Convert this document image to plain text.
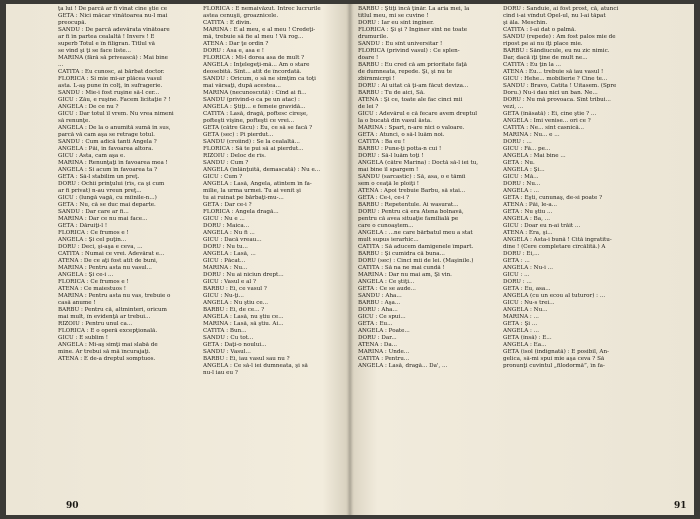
ţa lui ! De parcă ar fi vînat cine ştie ce
GETA : Nici măcar vînătoarea nu-l mai
preocupă.
SANDU : De parcă adevărata vînătoare
ar fi în partea cealaltă ! Invers ! E
superb Totul e în filigran. Titlul vă
se vînd şi ţi se face liste...
MARINA (fără să privească) : Mai bine
...
CATITA : Eu cunosc, ai bărbat doctor.
FLORICA : Si mie mi-ar plăcea vasul
asta. L-aş pune în colţ, în sufragerie.
SANDU : Mie-i fost ruşine să-l cer...
GICU : Zău, e ruşine. Facem licitaţie ? !
ANGELA : De ce nu ?
GICU : Dar totul îl vrem. Nu vrea nimeni
să renunţe.
ANGELA : De la o anumită sumă în sus,
parcă vă cam aşa se retrage totul.
SANDU : Cum adică tanti Angela ?
ANGELA : Păi, în favoarea altora.
GICU : Asta, cam aşa e.
MARINA : Renunţaţi în favoarea mea !
ANGELA : Si acum în favoarea ta ?
GETA : Să-l stabilim un preţ.
DORU : Ochii prinţului (rîs, ca şi cum
ar fi privat) n-au vreun preţ...
GICU : (lungă vagă, cu mîinile-n...)
GETA : Nu, că se duc mai departe.
SANDU : Dar care ar fi...
MARINA : Dar ce nu mai face...
GETA : Dăruiţi-l !
FLORICA : Ce frumos e !
ANGELA : Şi cel puţin...
DORU : Deci, şi-aşa e ceva, ...
CATITA : Numai ce vrei. Adevărat e...
ATENA : De ce aţi fost atît de buni,
MARINA : Pentru asta nu vasul...
ANGELA : Şi ce-i ...
FLORICA : Ce frumos e !
ATENA : Ce maiestuos !
MARINA : Pentru asta nu vas, trebuie o
casă anume !
BARBU : Pentru că, altminteri, oricum
mai mult, în evidenţă ar trebui...
RIZOIU : Pentru unul ca...
FLORICA : E o operă excepţională.
GICU : E sublim !
ANGELA : Mi-aş simţi mai slabă de
mine. Ar trebui să mă încurajaţi.
ATENA : E de-a dreptul somptuos.
FLORICA : E nemaivăzut. Întrec lucrurile
astea cenuşii, groaznicele.
CATITA : E divin.
MARINA : E al meu, e al meu ! Credeţi-
mă, trebuie să fie al meu ! Vă rog...
ATENA : Dar ţe ordin ?
DORU : Asa e, asa e !
FLORICA : Mi-l dorea asa de mult ?
ANGELA : Înţelegeţi-mă... Am o stare
deosebită. Sînt... atît de încordată.
SANDU : Oricum, o să ne simţim ca toţi
mai vărsaţi, după acestea...
MARINA (necunoscută) : Cînd ai fi...
SANDU (privind-o ca pe un atac) :
ANGELA : Ştiţi... e femeie gravidă...
CATITA : Lasă, dragă, poftesc cireşe,
pofteşti vişine, pofteşti ce vrei...
GETA (către Gicu) : Eu, ce să se facă ?
GETA (sec) : Pi pierdut...
SANDU (croiind) : Se la cealaltă...
FLORICA : Să te pui să ai pierdut...
RIZOIU : Deloc de rîs.
SANDU : Cum ?
ANGELA (înlănţuită, demascată) : Nu e...
GICU : Cum ?
ANGELA : Lasă, Angela, atîntem în fa-
milie, la urma urmei. Tu ai venit şi
tu ai ruinat pe bărbaţi-mu-...
GETA : Dar ce-i ?
FLORICA : Angela dragă...
GICU : Nu e ...
DORU : Maica...
ANGELA : Nu fi ...
GICU : Dacă vreau...
DORU : Nu tu...
ANGELA : Lasă, ...
GICU : Păcat...
MARINA : Nu...
DORU : Nu ai niciun drept...
GICU : Vasul e al ?
BARBU : Ei, ce vasul ?
GICU : Nu-ţi...
ANGELA : Nu ştiu ce...
BARBU : Ei, de ce... ?
ANGELA : Lasă, nu ştiu ce...
MARINA : Lasă, să ştiu. Ai...
CATITA : Bun...
SANDU : Cu tot...
GETA : Daţi-o noului...
SANDU : Vasul...
BARBU : Ei, iau vasul sau nu ?
ANGELA : Ce să-l iei dumneata, şi să
nu-l iau eu ?
BARBU : Ştiţi încă ţinăr. La aria mei, la
titlul meu, mi se cuvine !
DORU : Iar eu sînt inginer.
FLORICA : Şi şi ? Inginer sînt ne toate
drumurile.
SANDU : Eu sînt universitar !
FLORICA (privind vasul) : Ce splen-
doare !
BARBU : Eu cred că am prioritate faţă
de dumneata, repede. Şi, şi nu te
zbîrnmicrgi !
DORU : Ai uitat că ţi-am făcut deviza...
BARBU : Tu de aici, Să.
ATENA : Şi ce, toate ale fac cinci mii
de lei ?
GICU : Adevărul e că fecare avem dreptul
la o bucată din vasul ăsta.
MARINA : Spart, n-are nici o valoare.
GETA : Atunci, o să-l luăm noi.
CATITA : Ba eu !
BARBU : Pune-ţi potta-n cui !
DORU : Să-l luăm toţi !
ANGELA (către Marina) : Doctă să-l iei tu,
mai bine îl spargem !
SANDU (sarcastic) : Să, asa, o e tămîi
sem o ceaţă le ploiţi !
ATENA : Apoi trebuie Barbu, să stai...
GETA : Ce-i, ce-i ?
BARBU : Repetentule. Ai wasurat...
DORU : Pentru că era Atena bolnavă,
pentru că avea situaţie familială pe
care o cunoaştem...
ANGELA : ...ne care bărbatul meu a stat
mult supus ierarhic...
CATITA : Să aducem damigenele împart.
BARBU : Şi cumidra că buna...
DORU (sec) : Cinci mii de lei. (Maşinile.)
CATITA : Să na ne mai cundă !
MARINA : Dar nu mai am, Şi vin.
ANGELA : Ce ştiţi...
GETA : Ce se aude...
SANDU : Aha...
BARBU : Aşa...
DORU : Aha...
GICU : Ce spui...
GETA : Eu...
ANGELA : Poate...
DORU : Dar...
ATENA : Da...
MARINA : Unde...
CATITA : Pentru...
ANGELA : Lasă, dragă... Da', ...
DORU : Sanduie, ai fost prost, că, atunci
cînd i-ai vîndut Opel-ul, nu l-ai tăpat
şi ăla. Meschin.
CATITA : I-ai dat o palmă.
SANDU (repede) : Am fost palos mie de
ripost pe ai nu îţi place mie.
BARBU : Săndiucule, eu nu zic nimic.
Dar, dacă îţi ţine de mult ne...
CATITA : Eu ţin la ...
ATENA : Eu... trebuie să iau vasul !
GICU : Hehe... mobilierie ? Cine te...
SANDU : Bravo, Catita ! Uitasem. (Spre
Doru.) Nu-i dau nici un ban. Ne...
DORU : Nu mă provoaca. Sînt tribui...
vezi, ...
GETA (înăsată) : Ei, cine ştie ? ...
ANGELA : Îmi venise... ori ce ?
CATITA : Ne... sînt casnică...
MARINA : Nu... e ...
DORU : ...
GICU : Fă... pe...
ANGELA : Mai bine ...
GETA : Nu.
ANGELA : Şi...
GICU : Mă...
DORU : Nu...
ANGELA : ...
GETA : Eşti, cununaş, de-si poate ?
ATENA : Păi, le-a...
GETA : Nu ştiu ...
ANGELA : Ba, ...
GICU : Doar eu n-ai trăit ...
ATENA : Era, şi...
ANGELA : Asta-i bună ! Cită ingratitu-
dine ! (Cere completare cîrcălită.) A
DORU : Ei,...
GETA : ...
ANGELA : Nu-i ...
GICU : ...
DORU : ...
GETA : Eu, asa...
ANGELA (cu un ecou al tuturor) : ...
GICU : Nu-s trei...
ANGELA : Nu...
MARINA : ...
GETA : Şi ...
ANGELA : ...
GETA (însă) : E...
ANGELA : Ea...
GETA (isol (indignată) : E posibil, An-
gelica, să-mi spui mie aşa ceva ? Să
pronunţi cuvîntul „filodormă”, în fa-
90	91
